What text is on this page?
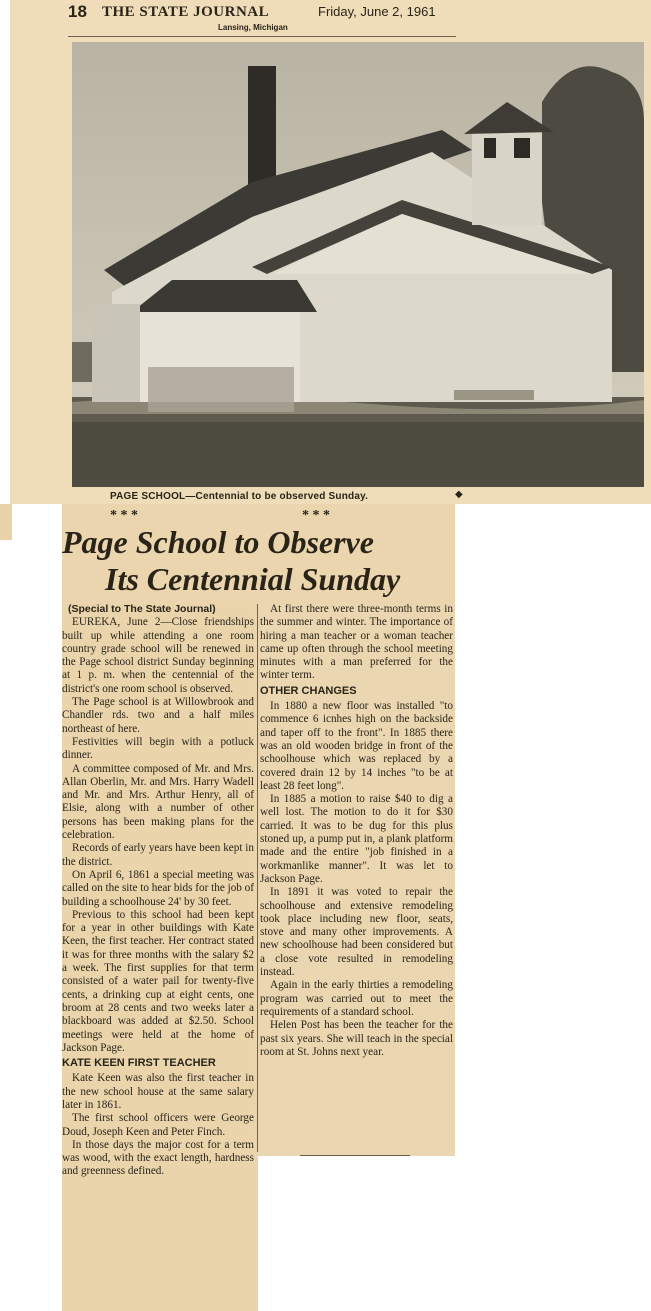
18 THE STATE JOURNAL	Friday, June 2, 1961
Lansing, Michigan
PAGE SCHOOL—Centennial to be observed Sunday.	◆
* * *	* * *
Page School to Observe
Its Centennial Sunday
(Special to The State Journal)

EUREKA, June 2—Close friendships built up while attending a one room country grade school will be renewed in the Page school district Sunday beginning at 1 p. m. when the centennial of the district's one room school is observed.

The Page school is at Willowbrook and Chandler rds. two and a half miles northeast of here.

Festivities will begin with a potluck dinner.

A committee composed of Mr. and Mrs. Allan Oberlin, Mr. and Mrs. Harry Wadell and Mr. and Mrs. Arthur Henry, all of Elsie, along with a number of other persons has been making plans for the celebration.

Records of early years have been kept in the district.

On April 6, 1861 a special meeting was called on the site to hear bids for the job of building a schoolhouse 24' by 30 feet.

Previous to this school had been kept for a year in other buildings with Kate Keen, the first teacher. Her contract stated it was for three months with the salary $2 a week. The first supplies for that term consisted of a water pail for twenty-five cents, a drinking cup at eight cents, one broom at 28 cents and two weeks later a blackboard was added at $2.50. School meetings were held at the home of Jackson Page.

KATE KEEN FIRST TEACHER

Kate Keen was also the first teacher in the new school house at the same salary later in 1861.

The first school officers were George Doud, Joseph Keen and Peter Finch.

In those days the major cost for a term was wood, with the exact length, hardness and greenness defined.

At first there were three-month terms in the summer and winter. The importance of hiring a man teacher or a woman teacher came up often through the school meeting minutes with a man preferred for the winter term.

OTHER CHANGES

In 1880 a new floor was installed "to commence 6 icnhes high on the backside and taper off to the front". In 1885 there was an old wooden bridge in front of the schoolhouse which was replaced by a covered drain 12 by 14 inches "to be at least 28 feet long".

In 1885 a motion to raise $40 to dig a well lost. The motion to do it for $30 carried. It was to be dug for this plus stoned up, a pump put in, a plank platform made and the entire "job finished in a workmanlike manner". It was let to Jackson Page.

In 1891 it was voted to repair the schoolhouse and extensive remodeling took place including new floor, seats, stove and many other improvements. A new schoolhouse had been considered but a close vote resulted in remodeling instead.

Again in the early thirties a remodeling program was carried out to meet the requirements of a standard school.

Helen Post has been the teacher for the past six years. She will teach in the special room at St. Johns next year.
